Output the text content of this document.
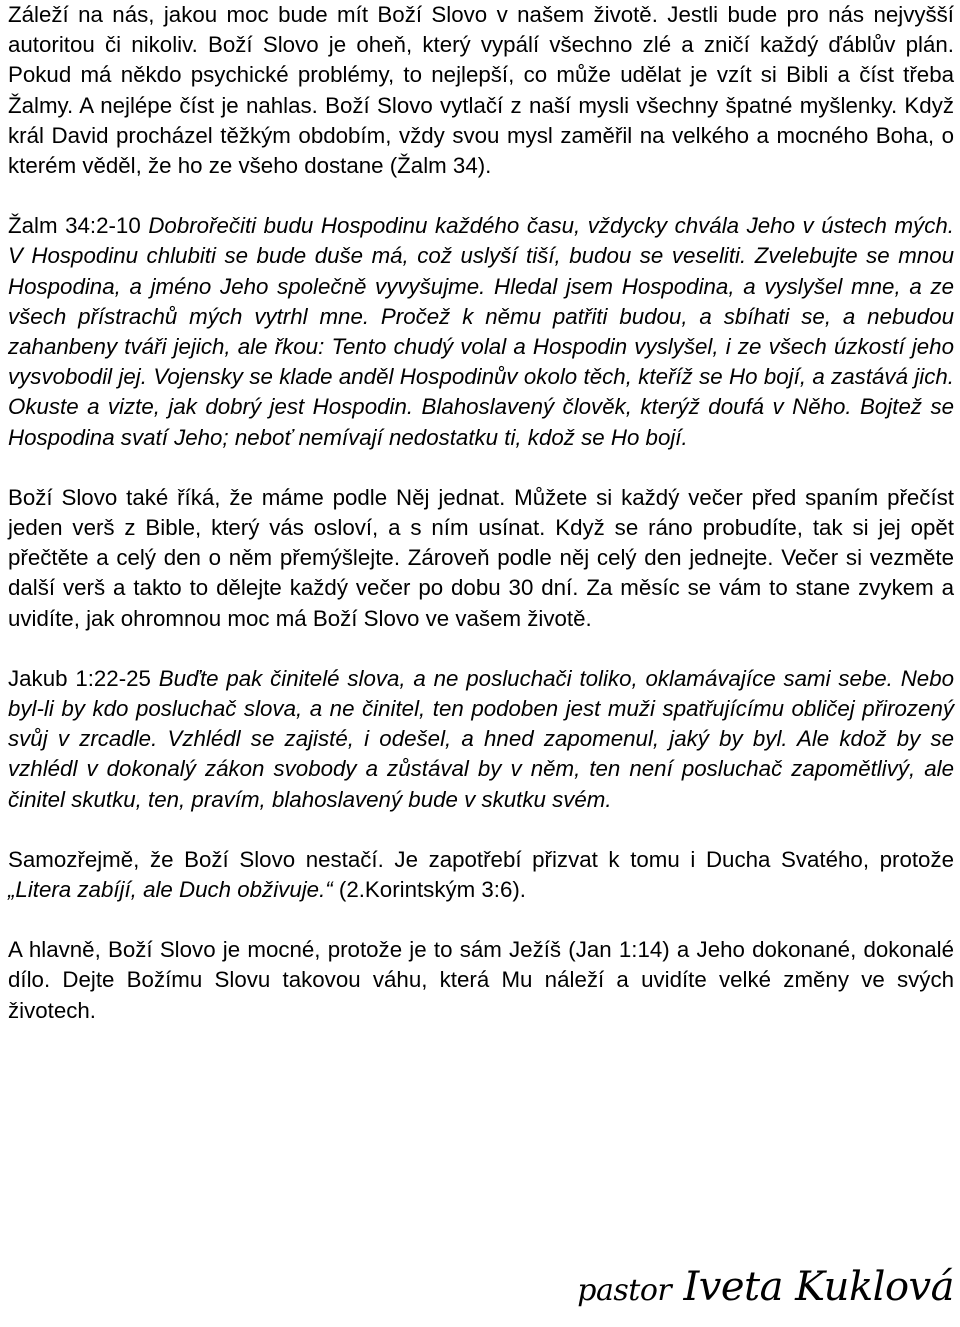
Záleží na nás, jakou moc bude mít Boží Slovo v našem životě. Jestli bude pro nás nejvyšší autoritou či nikoliv. Boží Slovo je oheň, který vypálí všechno zlé a zničí každý ďáblův plán. Pokud má někdo psychické problémy, to nejlepší, co může udělat je vzít si Bibli a číst třeba Žalmy. A nejlépe číst je nahlas. Boží Slovo vytlačí z naší mysli všechny špatné myšlenky. Když král David procházel těžkým obdobím, vždy svou mysl zaměřil na velkého a mocného Boha, o kterém věděl, že ho ze všeho dostane (Žalm 34).

Žalm 34:2-10 Dobrořečiti budu Hospodinu každého času, vždycky chvála Jeho v ústech mých. V Hospodinu chlubiti se bude duše má, což uslyší tiší, budou se veseliti. Zvelebujte se mnou Hospodina, a jméno Jeho společně vyvyšujme. Hledal jsem Hospodina, a vyslyšel mne, a ze všech přístrachů mých vytrhl mne. Pročež k němu patřiti budou, a sbíhati se, a nebudou zahanbeny tváři jejich, ale řkou: Tento chudý volal a Hospodin vyslyšel, i ze všech úzkostí jeho vysvobodil jej. Vojensky se klade anděl Hospodinův okolo těch, kteříž se Ho bojí, a zastává jich. Okuste a vizte, jak dobrý jest Hospodin. Blahoslavený člověk, kterýž doufá v Něho. Bojtež se Hospodina svatí Jeho; neboť nemívají nedostatku ti, kdož se Ho bojí.

Boží Slovo také říká, že máme podle Něj jednat. Můžete si každý večer před spaním přečíst jeden verš z Bible, který vás osloví, a s ním usínat. Když se ráno probudíte, tak si jej opět přečtěte a celý den o něm přemýšlejte. Zároveň podle něj celý den jednejte. Večer si vezměte další verš a takto to dělejte každý večer po dobu 30 dní. Za měsíc se vám to stane zvykem a uvidíte, jak ohromnou moc má Boží Slovo ve vašem životě.

Jakub 1:22-25 Buďte pak činitelé slova, a ne posluchači toliko, oklamávajíce sami sebe. Nebo byl-li by kdo posluchač slova, a ne činitel, ten podoben jest muži spatřujícímu obličej přirozený svůj v zrcadle. Vzhlédl se zajisté, i odešel, a hned zapomenul, jaký by byl. Ale kdož by se vzhlédl v dokonalý zákon svobody a zůstával by v něm, ten není posluchač zapomětlivý, ale činitel skutku, ten, pravím, blahoslavený bude v skutku svém.

Samozřejmě, že Boží Slovo nestačí. Je zapotřebí přizvat k tomu i Ducha Svatého, protože „Litera zabíjí, ale Duch obživuje.“ (2.Korintským 3:6).

A hlavně, Boží Slovo je mocné, protože je to sám Ježíš (Jan 1:14) a Jeho dokonané, dokonalé dílo. Dejte Božímu Slovu takovou váhu, která Mu náleží a uvidíte velké změny ve svých životech.

pastor Iveta Kuklová
